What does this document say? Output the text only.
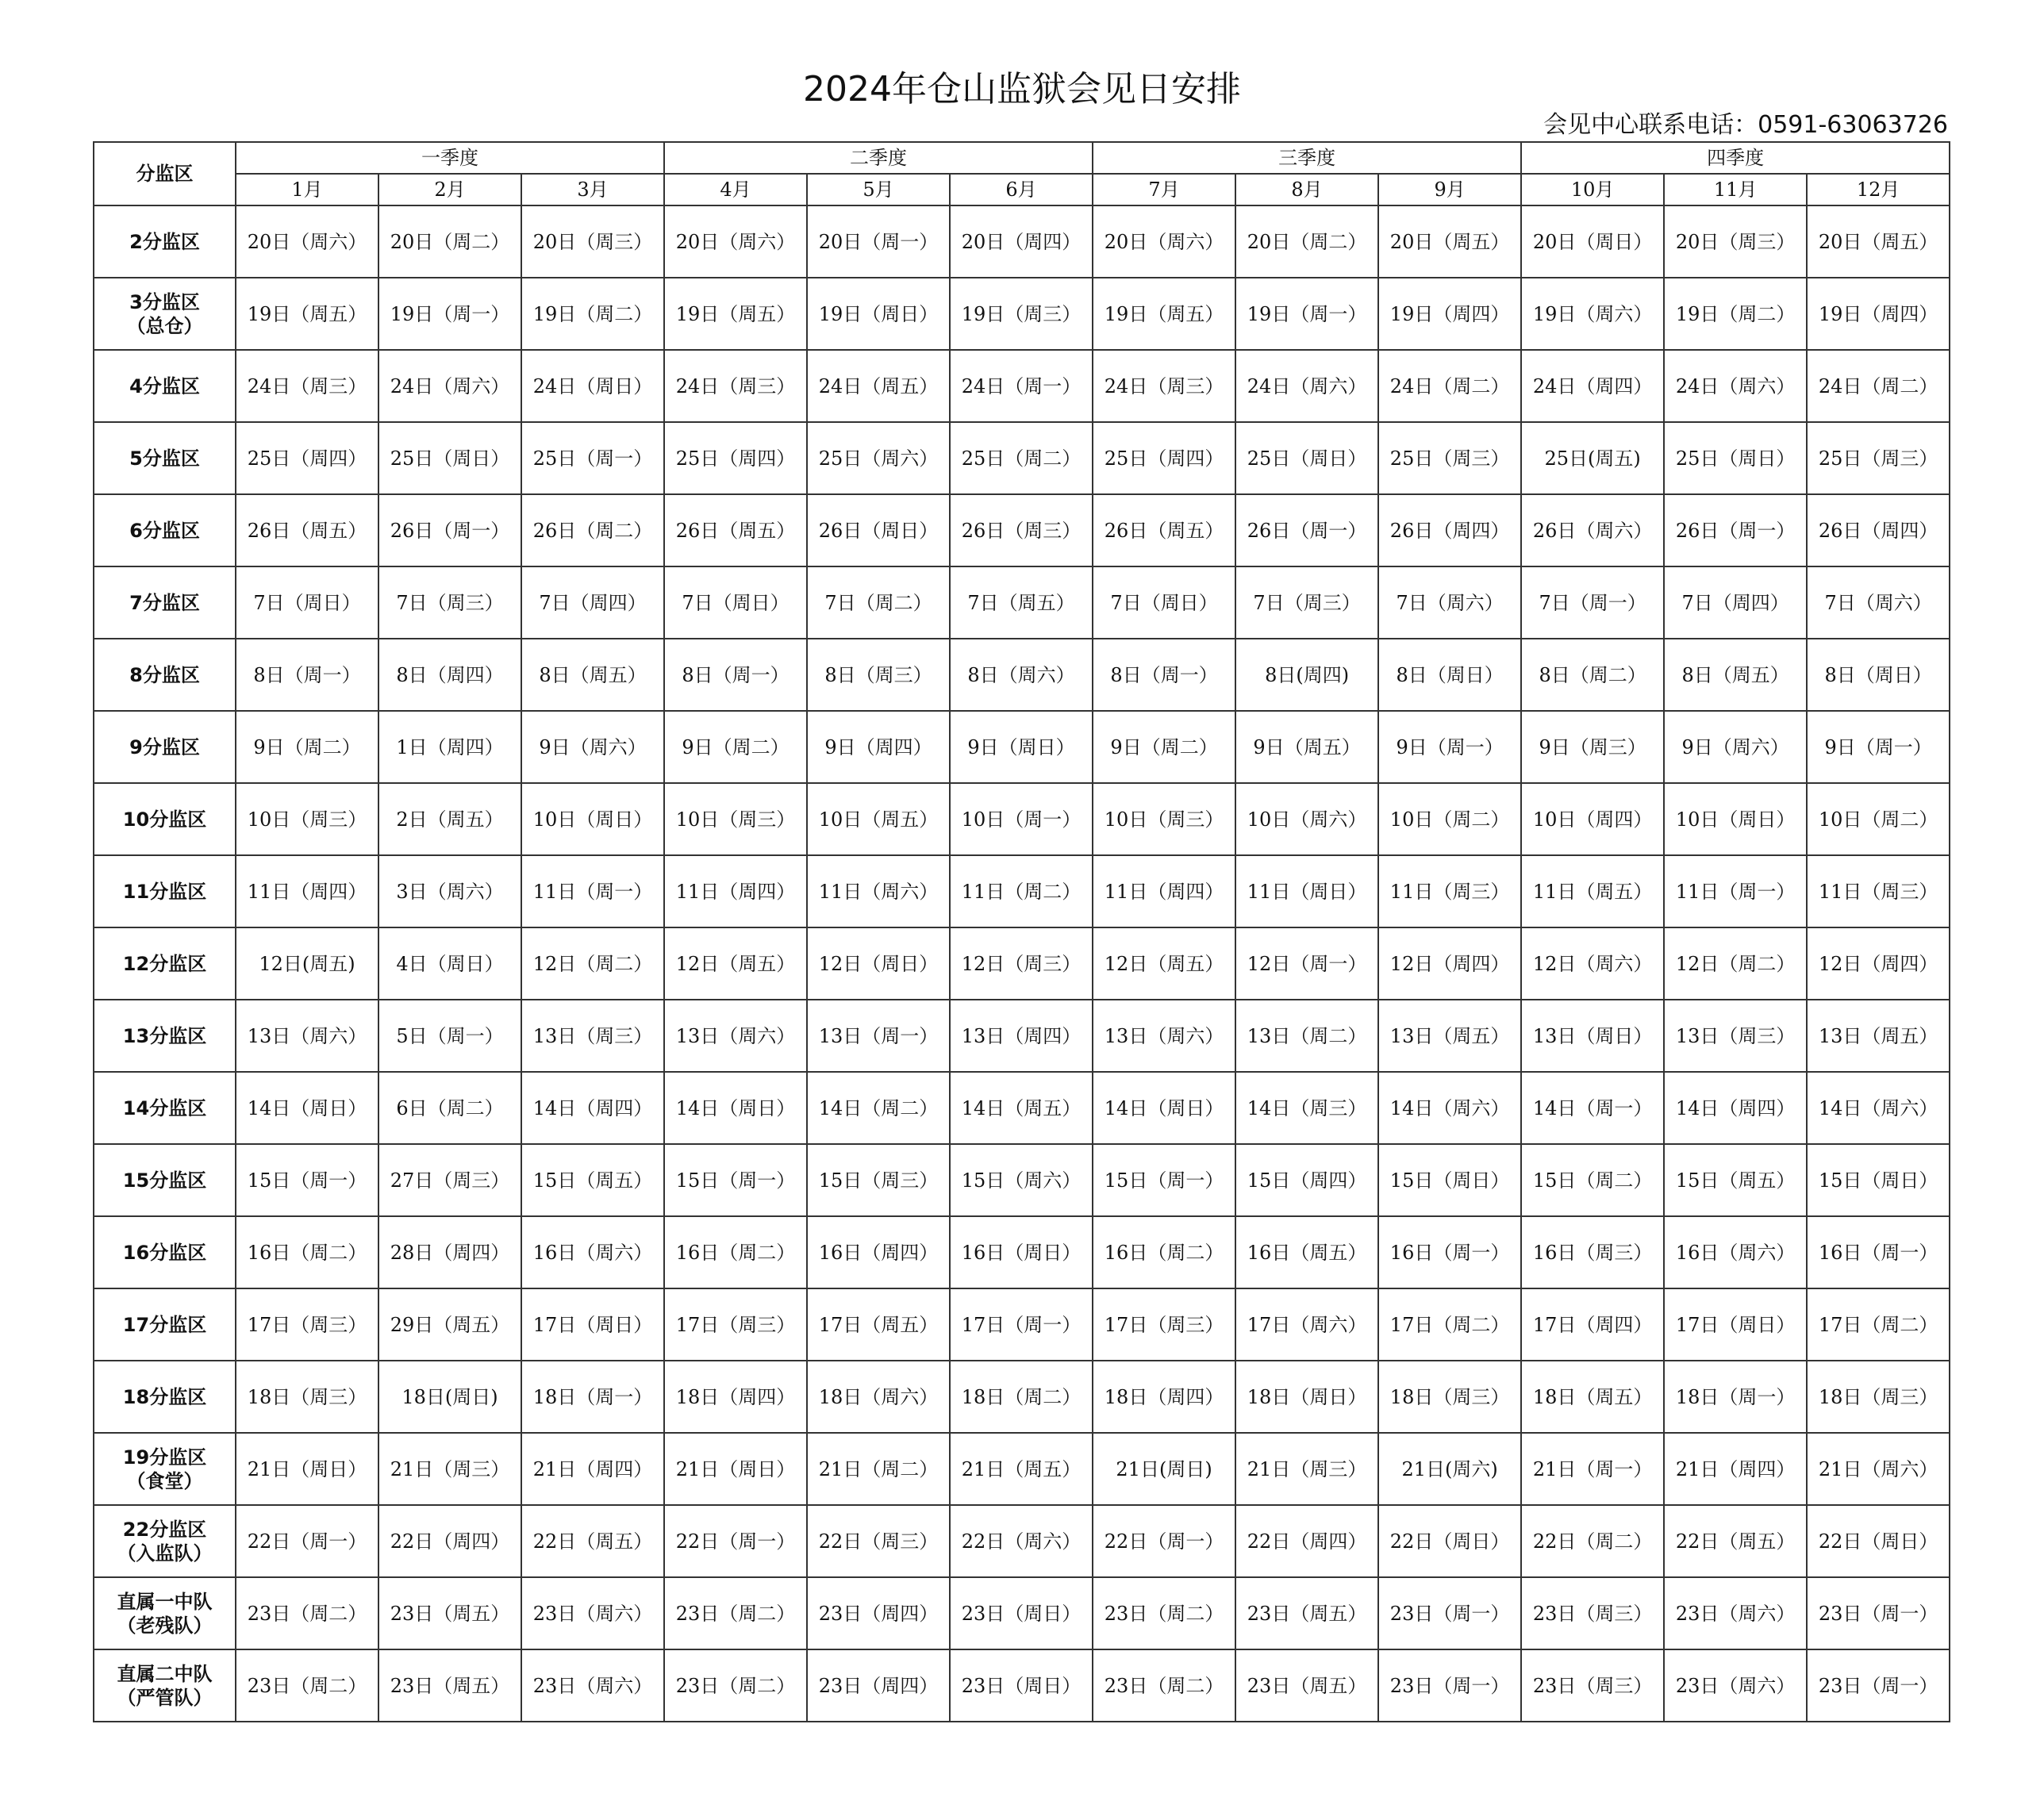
2024年仓山监狱会见日安排
会见中心联系电话：0591-63063726
分监区	一季度			二季度			三季度			四季度		
	1月	2月	3月	4月	5月	6月	7月	8月	9月	10月	11月	12月

2分监区	20日（周六）	20日（周二）	20日（周三）	20日（周六）	20日（周一）	20日（周四）	20日（周六）	20日（周二）	20日（周五）	20日（周日）	20日（周三）	20日（周五）

3分监区
（总仓）	19日（周五）	19日（周一）	19日（周二）	19日（周五）	19日（周日）	19日（周三）	19日（周五）	19日（周一）	19日（周四）	19日（周六）	19日（周二）	19日（周四）

4分监区	24日（周三）	24日（周六）	24日（周日）	24日（周三）	24日（周五）	24日（周一）	24日（周三）	24日（周六）	24日（周二）	24日（周四）	24日（周六）	24日（周二）

5分监区	25日（周四）	25日（周日）	25日（周一）	25日（周四）	25日（周六）	25日（周二）	25日（周四）	25日（周日）	25日（周三）	25日(周五)	25日（周日）	25日（周三）

6分监区	26日（周五）	26日（周一）	26日（周二）	26日（周五）	26日（周日）	26日（周三）	26日（周五）	26日（周一）	26日（周四）	26日（周六）	26日（周一）	26日（周四）

7分监区	7日（周日）	7日（周三）	7日（周四）	7日（周日）	7日（周二）	7日（周五）	7日（周日）	7日（周三）	7日（周六）	7日（周一）	7日（周四）	7日（周六）

8分监区	8日（周一）	8日（周四）	8日（周五）	8日（周一）	8日（周三）	8日（周六）	8日（周一）	8日(周四)	8日（周日）	8日（周二）	8日（周五）	8日（周日）

9分监区	9日（周二）	1日（周四）	9日（周六）	9日（周二）	9日（周四）	9日（周日）	9日（周二）	9日（周五）	9日（周一）	9日（周三）	9日（周六）	9日（周一）

10分监区	10日（周三）	2日（周五）	10日（周日）	10日（周三）	10日（周五）	10日（周一）	10日（周三）	10日（周六）	10日（周二）	10日（周四）	10日（周日）	10日（周二）

11分监区	11日（周四）	3日（周六）	11日（周一）	11日（周四）	11日（周六）	11日（周二）	11日（周四）	11日（周日）	11日（周三）	11日（周五）	11日（周一）	11日（周三）

12分监区	12日(周五)	4日（周日）	12日（周二）	12日（周五）	12日（周日）	12日（周三）	12日（周五）	12日（周一）	12日（周四）	12日（周六）	12日（周二）	12日（周四）

13分监区	13日（周六）	5日（周一）	13日（周三）	13日（周六）	13日（周一）	13日（周四）	13日（周六）	13日（周二）	13日（周五）	13日（周日）	13日（周三）	13日（周五）

14分监区	14日（周日）	6日（周二）	14日（周四）	14日（周日）	14日（周二）	14日（周五）	14日（周日）	14日（周三）	14日（周六）	14日（周一）	14日（周四）	14日（周六）

15分监区	15日（周一）	27日（周三）	15日（周五）	15日（周一）	15日（周三）	15日（周六）	15日（周一）	15日（周四）	15日（周日）	15日（周二）	15日（周五）	15日（周日）

16分监区	16日（周二）	28日（周四）	16日（周六）	16日（周二）	16日（周四）	16日（周日）	16日（周二）	16日（周五）	16日（周一）	16日（周三）	16日（周六）	16日（周一）

17分监区	17日（周三）	29日（周五）	17日（周日）	17日（周三）	17日（周五）	17日（周一）	17日（周三）	17日（周六）	17日（周二）	17日（周四）	17日（周日）	17日（周二）

18分监区	18日（周三）	18日(周日)	18日（周一）	18日（周四）	18日（周六）	18日（周二）	18日（周四）	18日（周日）	18日（周三）	18日（周五）	18日（周一）	18日（周三）

19分监区
（食堂）	21日（周日）	21日（周三）	21日（周四）	21日（周日）	21日（周二）	21日（周五）	21日(周日)	21日（周三）	21日(周六)	21日（周一）	21日（周四）	21日（周六）

22分监区
（入监队）	22日（周一）	22日（周四）	22日（周五）	22日（周一）	22日（周三）	22日（周六）	22日（周一）	22日（周四）	22日（周日）	22日（周二）	22日（周五）	22日（周日）

直属一中队
（老残队）	23日（周二）	23日（周五）	23日（周六）	23日（周二）	23日（周四）	23日（周日）	23日（周二）	23日（周五）	23日（周一）	23日（周三）	23日（周六）	23日（周一）

直属二中队
（严管队）	23日（周二）	23日（周五）	23日（周六）	23日（周二）	23日（周四）	23日（周日）	23日（周二）	23日（周五）	23日（周一）	23日（周三）	23日（周六）	23日（周一）
